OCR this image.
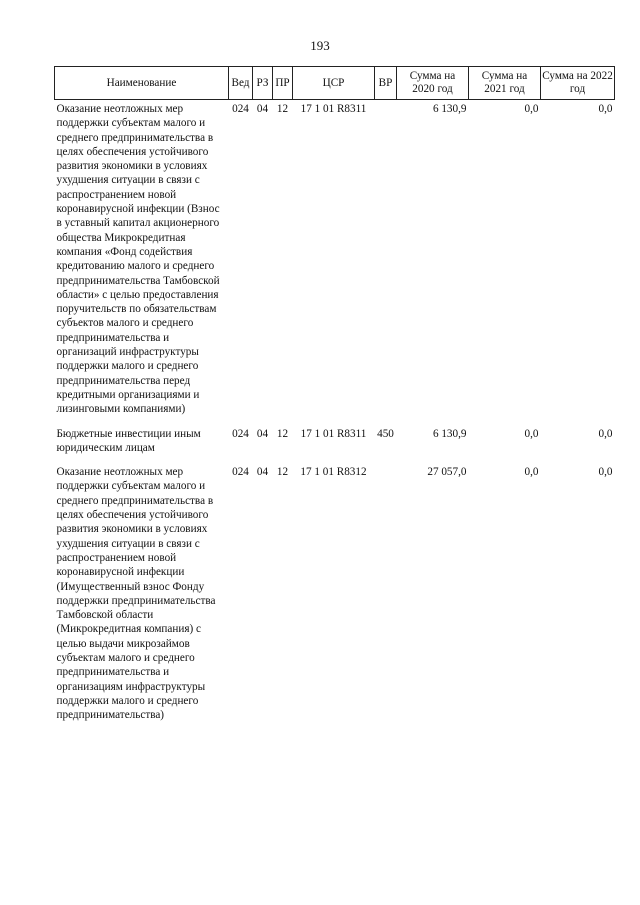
193
Наименование	Вед	РЗ	ПР	ЦСР	ВР	Сумма на 2020 год	Сумма на 2021 год	Сумма на 2022 год
Оказание неотложных мер поддержки субъектам малого и среднего предпринимательства в целях обеспечения устойчивого развития экономики в условиях ухудшения ситуации в связи с распространением новой коронавирусной инфекции (Взнос в уставный капитал акционерного общества Микрокредитная компания «Фонд содействия кредитованию малого и среднего предпринимательства Тамбовской области» с целью предоставления поручительств по обязательствам субъектов малого и среднего предпринимательства и организаций инфраструктуры поддержки малого и среднего предпринимательства перед кредитными организациями и лизинговыми компаниями)	024	04	12	17 1 01 R8311		6 130,9	0,0	0,0
Бюджетные инвестиции иным юридическим лицам	024	04	12	17 1 01 R8311	450	6 130,9	0,0	0,0
Оказание неотложных мер поддержки субъектам малого и среднего предпринимательства в целях обеспечения устойчивого развития экономики в условиях ухудшения ситуации в связи с распространением новой коронавирусной инфекции (Имущественный взнос Фонду поддержки предпринимательства Тамбовской области (Микрокредитная компания) с целью выдачи микрозаймов субъектам малого и среднего предпринимательства и организациям инфраструктуры поддержки малого и среднего предпринимательства)	024	04	12	17 1 01 R8312		27 057,0	0,0	0,0
